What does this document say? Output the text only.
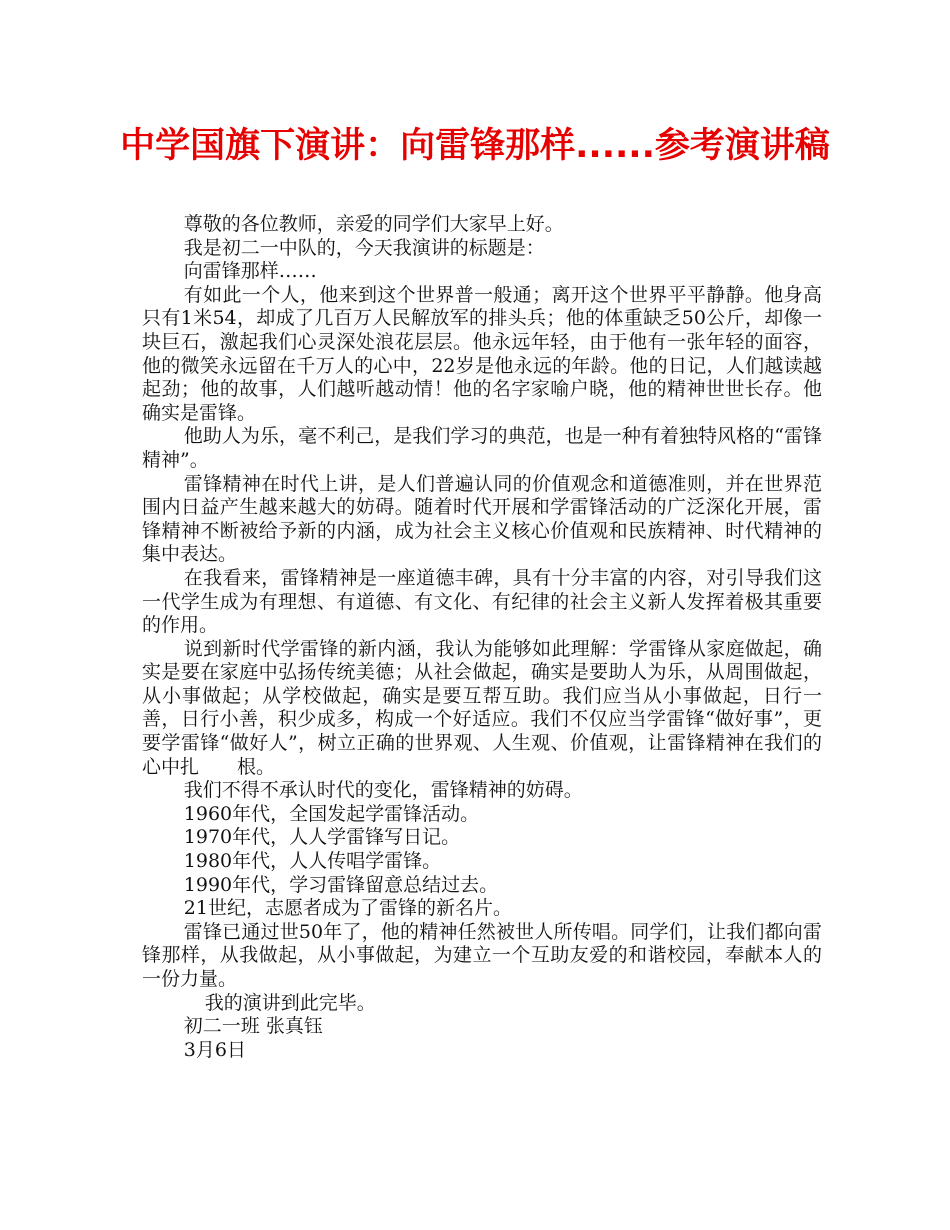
中学国旗下演讲：向雷锋那样......参考演讲稿

尊敬的各位教师，亲爱的同学们大家早上好。

我是初二一中队的，今天我演讲的标题是：

向雷锋那样……

有如此一个人，他来到这个世界普一般通；离开这个世界平平静静。他身高只有1米54，却成了几百万人民解放军的排头兵；他的体重缺乏50公斤，却像一块巨石，激起我们心灵深处浪花层层。他永远年轻，由于他有一张年轻的面容，他的微笑永远留在千万人的心中，22岁是他永远的年龄。他的日记，人们越读越起劲；他的故事，人们越听越动情！他的名字家喻户晓，他的精神世世长存。他确实是雷锋。

他助人为乐，毫不利己，是我们学习的典范，也是一种有着独特风格的“雷锋精神”。

雷锋精神在时代上讲，是人们普遍认同的价值观念和道德准则，并在世界范围内日益产生越来越大的妨碍。随着时代开展和学雷锋活动的广泛深化开展，雷锋精神不断被给予新的内涵，成为社会主义核心价值观和民族精神、时代精神的集中表达。

在我看来，雷锋精神是一座道德丰碑，具有十分丰富的内容，对引导我们这一代学生成为有理想、有道德、有文化、有纪律的社会主义新人发挥着极其重要的作用。

说到新时代学雷锋的新内涵，我认为能够如此理解：学雷锋从家庭做起，确实是要在家庭中弘扬传统美德；从社会做起，确实是要助人为乐，从周围做起，从小事做起；从学校做起，确实是要互帮互助。我们应当从小事做起，日行一善，日行小善，积少成多，构成一个好适应。我们不仅应当学雷锋“做好事”，更要学雷锋“做好人”，树立正确的世界观、人生观、价值观，让雷锋精神在我们的心中扎　　根。

我们不得不承认时代的变化，雷锋精神的妨碍。

1960年代，全国发起学雷锋活动。

1970年代，人人学雷锋写日记。

1980年代，人人传唱学雷锋。

1990年代，学习雷锋留意总结过去。

21世纪，志愿者成为了雷锋的新名片。

雷锋已通过世50年了，他的精神任然被世人所传唱。同学们，让我们都向雷锋那样，从我做起，从小事做起，为建立一个互助友爱的和谐校园，奉献本人的一份力量。

我的演讲到此完毕。

初二一班 张真钰

3月6日
